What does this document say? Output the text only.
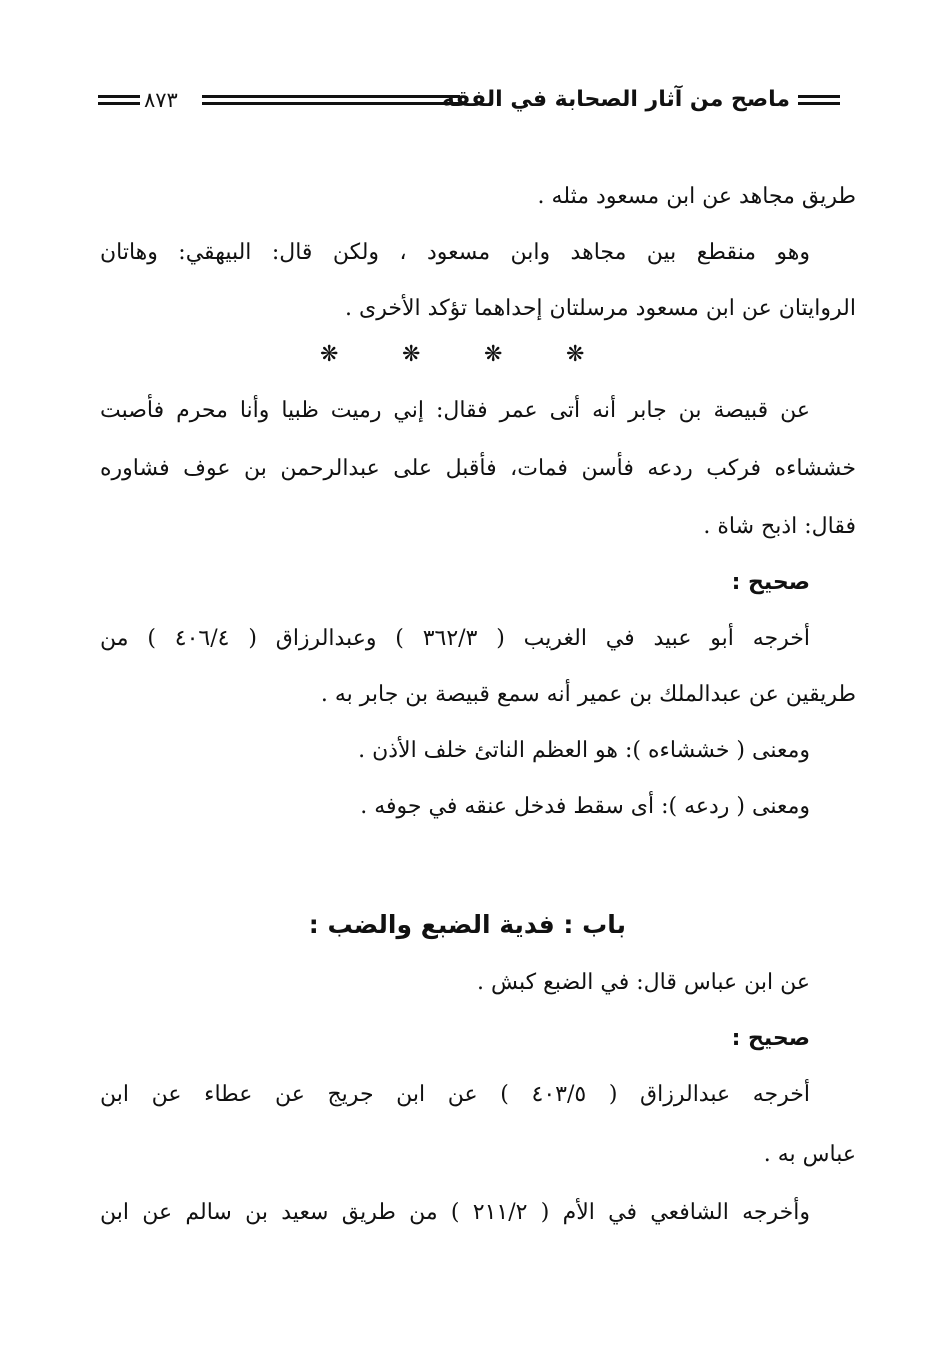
ماصح من آثار الصحابة في الفقه
٨٧٣
طريق مجاهد عن ابن مسعود مثله .
وهو منقطع بين مجاهد وابن مسعود ، ولكن قال: البيهقي: وهاتان
الروايتان عن ابن مسعود مرسلتان إحداهما تؤكد الأخرى .
❋	❋	❋	❋
عن قبيصة بن جابر أنه أتى عمر فقال: إني رميت ظبيا وأنا محرم فأصبت
خششاءه فركب ردعه فأسن فمات، فأقبل على عبدالرحمن بن عوف فشاوره
فقال: اذبح شاة .
صحيح :
أخرجه أبو عبيد في الغريب ( ٣٦٢/٣ ) وعبدالرزاق ( ٤٠٦/٤ ) من
طريقين عن عبدالملك بن عمير أنه سمع قبيصة بن جابر به .
ومعنى ( خششاءه ): هو العظم الناتئ خلف الأذن .
ومعنى ( ردعه ): أى سقط فدخل عنقه في جوفه .
باب : فدية الضبع والضب :
عن ابن عباس قال: في الضبع كبش .
صحيح :
أخرجه عبدالرزاق ( ٤٠٣/٥ ) عن ابن جريج عن عطاء عن ابن
عباس به .
وأخرجه الشافعي في الأم ( ٢١١/٢ ) من طريق سعيد بن سالم عن ابن
